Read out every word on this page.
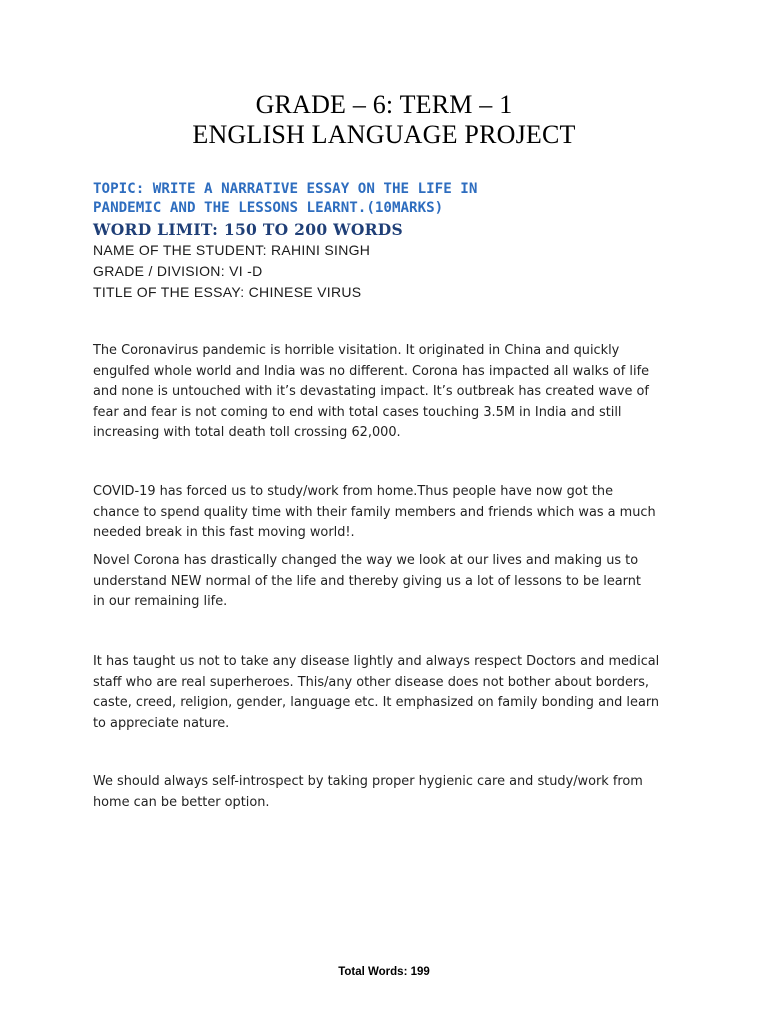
GRADE – 6: TERM – 1
ENGLISH LANGUAGE PROJECT
TOPIC: WRITE A NARRATIVE ESSAY ON THE LIFE IN
PANDEMIC AND THE LESSONS LEARNT.(10MARKS)
WORD LIMIT: 150 TO 200 WORDS
NAME OF THE STUDENT: RAHINI SINGH
GRADE / DIVISION: VI -D
TITLE OF THE ESSAY: CHINESE VIRUS
The Coronavirus pandemic is horrible visitation. It originated in China and quickly
engulfed whole world and India was no different. Corona has impacted all walks of life
and none is untouched with it’s devastating impact. It’s outbreak has created wave of
fear and fear is not coming to end with total cases touching 3.5M in India and still
increasing with total death toll crossing 62,000.
COVID-19 has forced us to study/work from home.Thus people have now got the
chance to spend quality time with their family members and friends which was a much
needed break in this fast moving world!.
Novel Corona has drastically changed the way we look at our lives and making us to
understand NEW normal of the life and thereby giving us a lot of lessons to be learnt
in our remaining life.
It has taught us not to take any disease lightly and always respect Doctors and medical
staff who are real superheroes. This/any other disease does not bother about borders,
caste, creed, religion, gender, language etc. It emphasized on family bonding and learn
to appreciate nature.
We should always self-introspect by taking proper hygienic care and study/work from
home can be better option.
Total Words: 199
